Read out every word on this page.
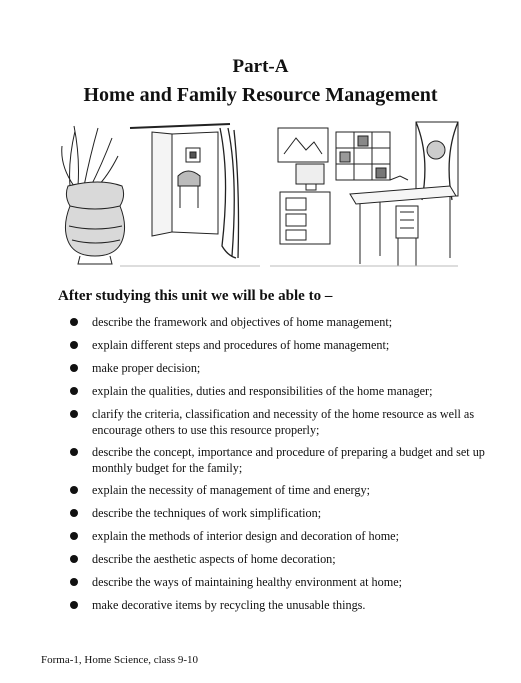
Part-A
Home and Family Resource Management
After studying this unit we will be able to –
describe the framework and objectives of home management;
explain different steps and procedures of home management;
make proper decision;
explain the qualities, duties and responsibilities of the home manager;
clarify the criteria, classification and necessity of the home resource as well as encourage others to use this resource properly;
describe the concept, importance and procedure of preparing a budget and set up monthly budget for the family;
explain the necessity of management of time and energy;
describe the techniques of work simplification;
explain the methods of interior design and decoration of home;
describe the aesthetic aspects of home decoration;
describe the ways of maintaining healthy environment at home;
make decorative items by recycling the unusable things.
Forma-1, Home Science, class 9-10
